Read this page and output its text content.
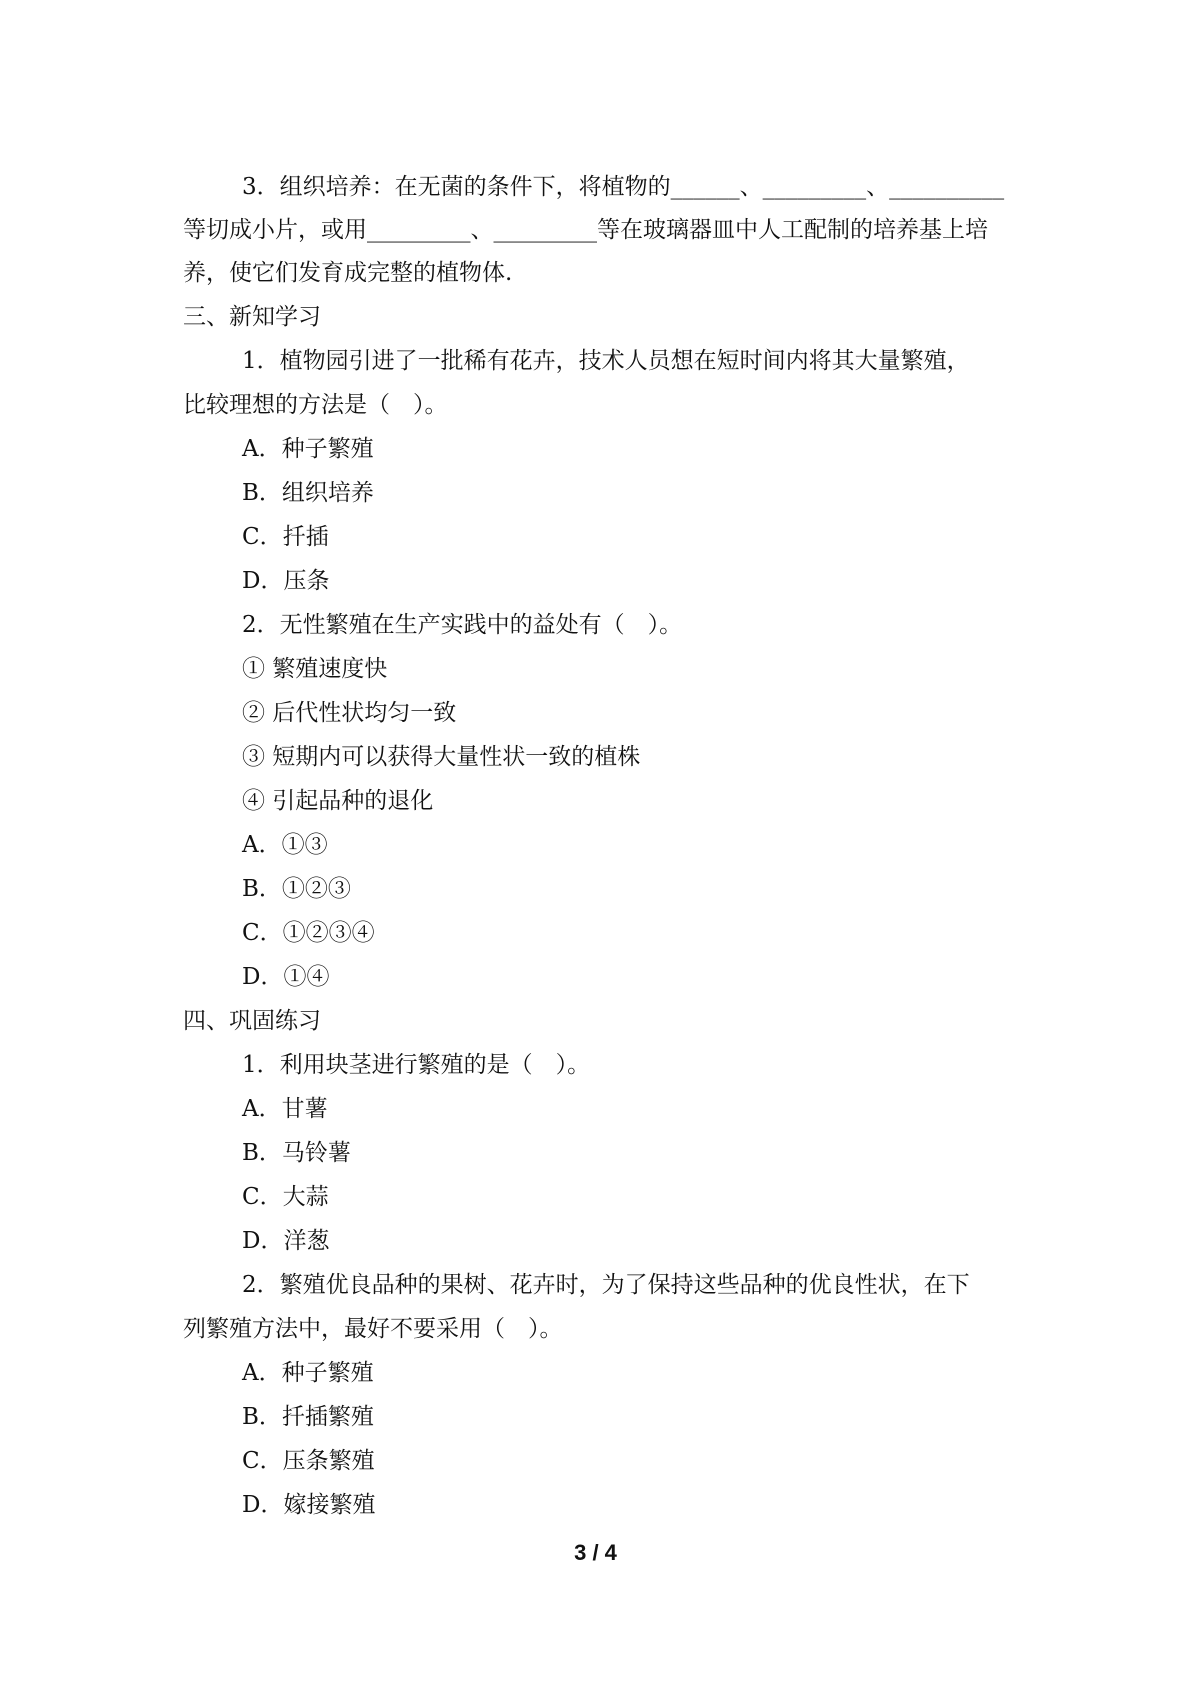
3．组织培养：在无菌的条件下，将植物的______、_________、__________
等切成小片，或用_________、_________等在玻璃器皿中人工配制的培养基上培
养，使它们发育成完整的植物体.
三、新知学习
1．植物园引进了一批稀有花卉，技术人员想在短时间内将其大量繁殖，
比较理想的方法是（　）。
A．种子繁殖
B．组织培养
C．扦插
D．压条
2．无性繁殖在生产实践中的益处有（　）。
① 繁殖速度快
② 后代性状均匀一致
③ 短期内可以获得大量性状一致的植株
④ 引起品种的退化
A．①③
B．①②③
C．①②③④
D．①④
四、巩固练习
1．利用块茎进行繁殖的是（　）。
A．甘薯
B．马铃薯
C．大蒜
D．洋葱
2．繁殖优良品种的果树、花卉时，为了保持这些品种的优良性状，在下
列繁殖方法中，最好不要采用（　）。
A．种子繁殖
B．扦插繁殖
C．压条繁殖
D．嫁接繁殖
3 / 4
